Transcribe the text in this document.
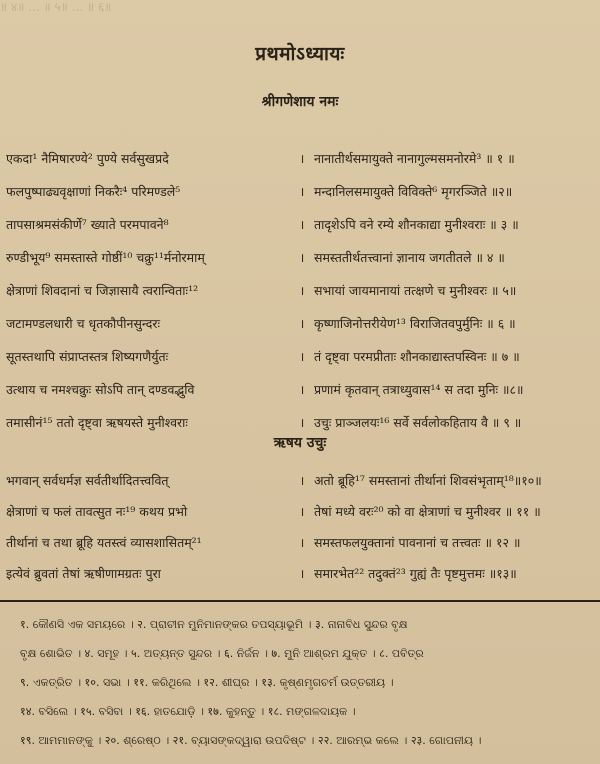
॥ ४॥ ... ॥ ५॥ ... ॥ ६॥
प्रथमोऽध्यायः
श्रीगणेशाय नमः
एकदा¹ नैमिषारण्ये² पुण्ये सर्वसुखप्रदे	। नानातीर्थसमायुक्ते नानागुल्मसमनोरमे³ ॥ १ ॥
फलपुष्पाढ्यवृक्षाणां निकरैः⁴ परिमण्डले⁵	। मन्दानिलसमायुक्ते विविक्ते⁶ मृगरञ्जिते ॥२॥
तापसाश्रमसंकीर्णे⁷ ख्याते परमपावने⁸	। तादृशेऽपि वने रम्ये शौनकाद्या मुनीश्वराः ॥ ३ ॥
रुण्डीभूय⁹ समस्तास्ते गोष्ठीं¹⁰ चक्रु¹¹र्मनोरमाम्	। समस्ततीर्थतत्त्वानां ज्ञानाय जगतीतले ॥ ४ ॥
क्षेत्राणां शिवदानां च जिज्ञासायै त्वरान्विताः¹²	। सभायां जायमानायां तत्क्षणे च मुनीश्वरः ॥ ५॥
जटामण्डलधारी च धृतकौपीनसुन्दरः	। कृष्णाजिनोत्तरीयेण¹³ विराजितवपुर्मुनिः ॥ ६ ॥
सूतस्तथापि संप्राप्तस्तत्र शिष्यगणैर्युतः	। तं दृष्ट्वा परमप्रीताः शौनकाद्यास्तपस्विनः ॥ ७ ॥
उत्थाय च नमश्चक्रुः सोऽपि तान् दण्डवद्भुवि	। प्रणामं कृतवान् तत्राध्युवास¹⁴ स तदा मुनिः ॥८॥
तमासीनं¹⁵ ततो दृष्ट्वा ऋषयस्ते मुनीश्वराः	। उचुः प्राञ्जलयः¹⁶ सर्वे सर्वलोकहिताय वै ॥ ९ ॥
ऋषय उचुः
भगवान् सर्वधर्मज्ञ सर्वतीर्थादितत्त्ववित्	। अतो ब्रूहि¹⁷ समस्तानां तीर्थानां शिवसंभृताम्¹⁸॥१०॥
क्षेत्राणां च फलं तावत्सुत नः¹⁹ कथय प्रभो	। तेषां मध्ये वरः²⁰ को वा क्षेत्राणां च मुनीश्वर ॥ ११ ॥
तीर्थानां च तथा ब्रूहि यतस्त्वं व्यासशासितम्²¹	। समस्तफलयुक्तानां पावनानां च तत्त्वतः ॥ १२ ॥
इत्येवं ब्रुवतां तेषां ऋषीणामग्रतः पुरा	। समारभेत²² तदुक्तं²³ गुह्यं तैः पृष्टमुत्तमः ॥१३॥
१. କୌଣସି ଏକ ସମୟରେ । २. ପ୍ରାଚୀନ ମୁନିମାନଙ୍କର ତପସ୍ୟାଭୂମି । ३. ନାନାବିଧ ସୁନ୍ଦର ବୃକ୍ଷ
ବୃକ୍ଷ ଶୋଭିତ । ४. ସମୂହ । ५. ଅତ୍ୟନ୍ତ ସୁନ୍ଦର । ६. ନିର୍ଜନ । ७. ମୁନି ଆଶ୍ରମ ଯୁକ୍ତ । ८. ପବିତ୍ର
९. ଏକତ୍ରିତ । १०. ସଭା । ११. କରିଥିଲେ । १२. ଶୀଘ୍ର । १३. କୃଷ୍ଣମୃଗଚର୍ମ ଉତ୍ତରୀୟ ।
१४. ବସିଲେ । १५. ବସିବା । १६. ହାତଯୋଡ଼ି । १७. କୁହନ୍ତୁ । १८. ମଙ୍ଗଳଦାୟକ ।
१९. ଆମମାନଙ୍କୁ । २०. ଶ୍ରେଷ୍ଠ । २१. ବ୍ୟାସଙ୍କଦ୍ୱାରା ଉପଦିଷ୍ଟ । २२. ଆରମ୍ଭ କଲେ । २३. ଗୋପନୀୟ ।
